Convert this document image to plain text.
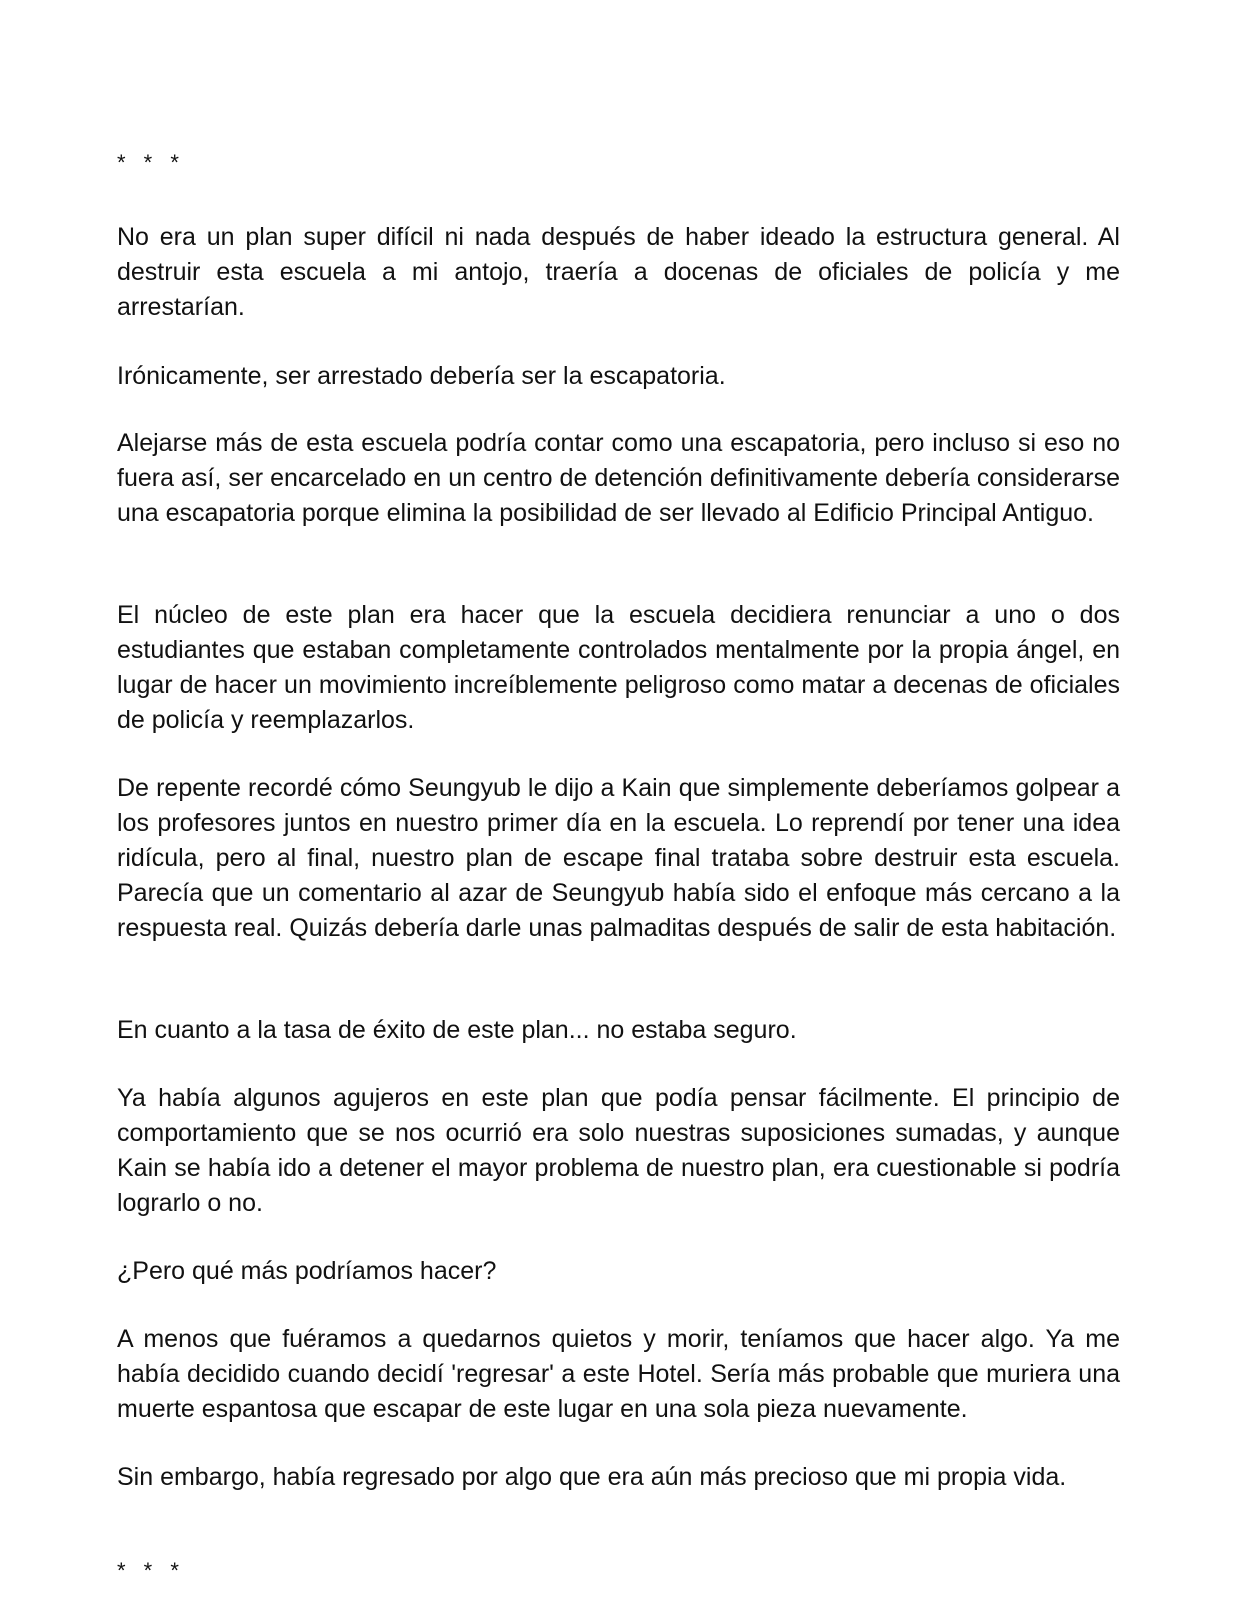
* * *
No era un plan super difícil ni nada después de haber ideado la estructura general. Al destruir esta escuela a mi antojo, traería a docenas de oficiales de policía y me arrestarían.
Irónicamente, ser arrestado debería ser la escapatoria.
Alejarse más de esta escuela podría contar como una escapatoria, pero incluso si eso no fuera así, ser encarcelado en un centro de detención definitivamente debería considerarse una escapatoria porque elimina la posibilidad de ser llevado al Edificio Principal Antiguo.
El núcleo de este plan era hacer que la escuela decidiera renunciar a uno o dos estudiantes que estaban completamente controlados mentalmente por la propia ángel, en lugar de hacer un movimiento increíblemente peligroso como matar a decenas de oficiales de policía y reemplazarlos.
De repente recordé cómo Seungyub le dijo a Kain que simplemente deberíamos golpear a los profesores juntos en nuestro primer día en la escuela. Lo reprendí por tener una idea ridícula, pero al final, nuestro plan de escape final trataba sobre destruir esta escuela. Parecía que un comentario al azar de Seungyub había sido el enfoque más cercano a la respuesta real. Quizás debería darle unas palmaditas después de salir de esta habitación.
En cuanto a la tasa de éxito de este plan... no estaba seguro.
Ya había algunos agujeros en este plan que podía pensar fácilmente. El principio de comportamiento que se nos ocurrió era solo nuestras suposiciones sumadas, y aunque Kain se había ido a detener el mayor problema de nuestro plan, era cuestionable si podría lograrlo o no.
¿Pero qué más podríamos hacer?
A menos que fuéramos a quedarnos quietos y morir, teníamos que hacer algo. Ya me había decidido cuando decidí 'regresar' a este Hotel. Sería más probable que muriera una muerte espantosa que escapar de este lugar en una sola pieza nuevamente.
Sin embargo, había regresado por algo que era aún más precioso que mi propia vida.
* * *
